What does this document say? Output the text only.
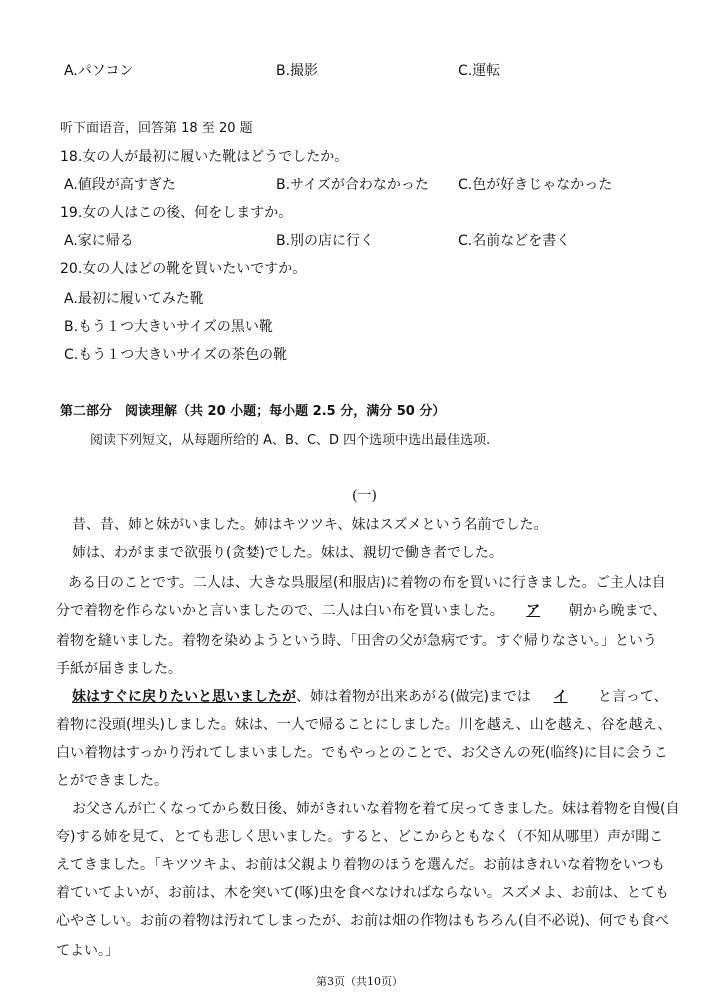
A.パソコン	B.撮影	C.運転
听下面语音，回答第 18 至 20 题
18.女の人が最初に履いた靴はどうでしたか。
A.値段が高すぎた	B.サイズが合わなかった C.色が好きじゃなかった
19.女の人はこの後、何をしますか。
A.家に帰る	B.別の店に行く	C.名前などを書く
20.女の人はどの靴を買いたいですか。
A.最初に履いてみた靴
B.もう１つ大きいサイズの黒い靴
C.もう１つ大きいサイズの茶色の靴
第二部分　阅读理解（共 20 小题；每小题 2.5 分，满分 50 分）
阅读下列短文，从每题所给的 A、B、C、D 四个选项中选出最佳选项.
(一)
昔、昔、姉と妹がいました。姉はキツツキ、妹はスズメという名前でした。
姉は、わがままで欲張り(贪婪)でした。妹は、親切で働き者でした。
ある日のことです。二人は、大きな呉服屋(和服店)に着物の布を買いに行きました。ご主人は自
分で着物を作らないかと言いましたので、二人は白い布を買いました。 ア 朝から晩まで、
着物を縫いました。着物を染めようという時、「田舎の父が急病です。すぐ帰りなさい。」という
手紙が届きました。
妹はすぐに戻りたいと思いましたが、姉は着物が出来あがる(做完)までは イ と言って、
着物に没頭(埋头)しました。妹は、一人で帰ることにしました。川を越え、山を越え、谷を越え、
白い着物はすっかり汚れてしまいました。でもやっとのことで、お父さんの死(临终)に目に会うこ
とができました。
お父さんが亡くなってから数日後、姉がきれいな着物を着て戻ってきました。妹は着物を自慢(自
夸)する姉を見て、とても悲しく思いました。すると、どこからともなく（不知从哪里）声が聞こ
えてきました。「キツツキよ、お前は父親より着物のほうを選んだ。お前はきれいな着物をいつも
着ていてよいが、お前は、木を突いて(啄)虫を食べなければならない。スズメよ、お前は、とても
心やさしい。お前の着物は汚れてしまったが、お前は畑の作物はもちろん(自不必说)、何でも食べ
てよい。」
第3页（共10页）
